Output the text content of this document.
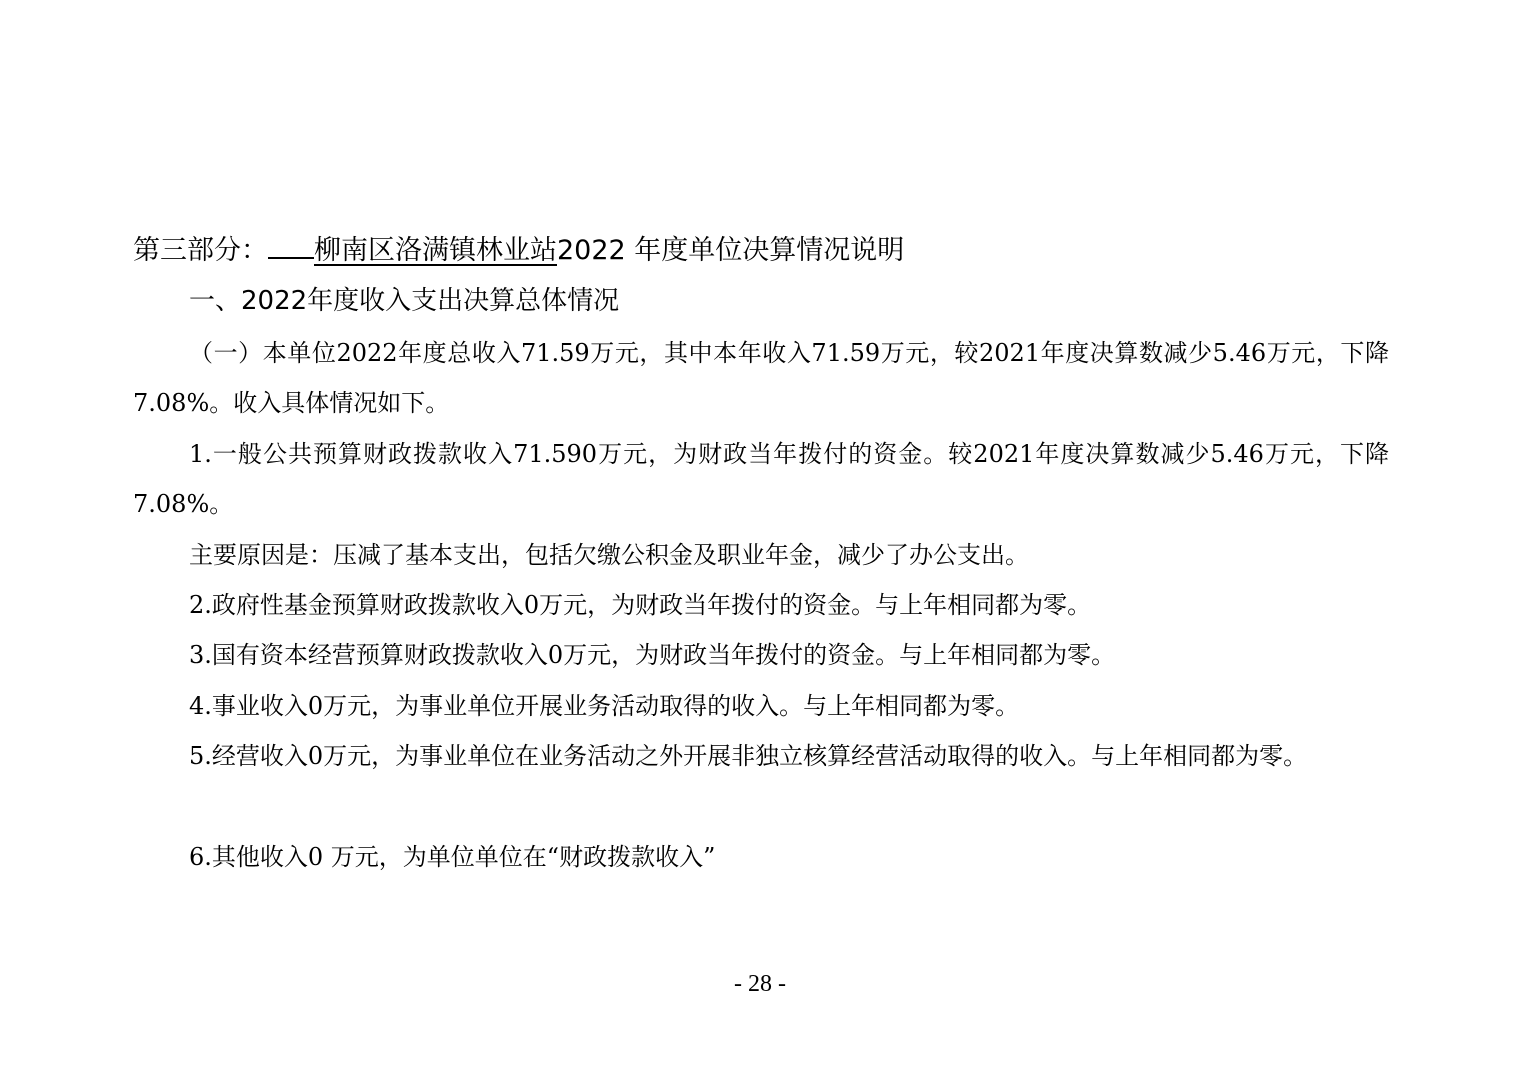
第三部分： 柳南区洛满镇林业站2022 年度单位决算情况说明
一、2022年度收入支出决算总体情况
（一）本单位2022年度总收入71.59万元，其中本年收入71.59万元，较2021年度决算数减少5.46万元，下降7.08%。收入具体情况如下。
1.一般公共预算财政拨款收入71.590万元，为财政当年拨付的资金。较2021年度决算数减少5.46万元，下降7.08%。
主要原因是：压减了基本支出，包括欠缴公积金及职业年金，减少了办公支出。
2.政府性基金预算财政拨款收入0万元，为财政当年拨付的资金。与上年相同都为零。
3.国有资本经营预算财政拨款收入0万元，为财政当年拨付的资金。与上年相同都为零。
4.事业收入0万元，为事业单位开展业务活动取得的收入。与上年相同都为零。
5.经营收入0万元，为事业单位在业务活动之外开展非独立核算经营活动取得的收入。与上年相同都为零。
6.其他收入0 万元，为单位单位在“财政拨款收入”
- 28 -
